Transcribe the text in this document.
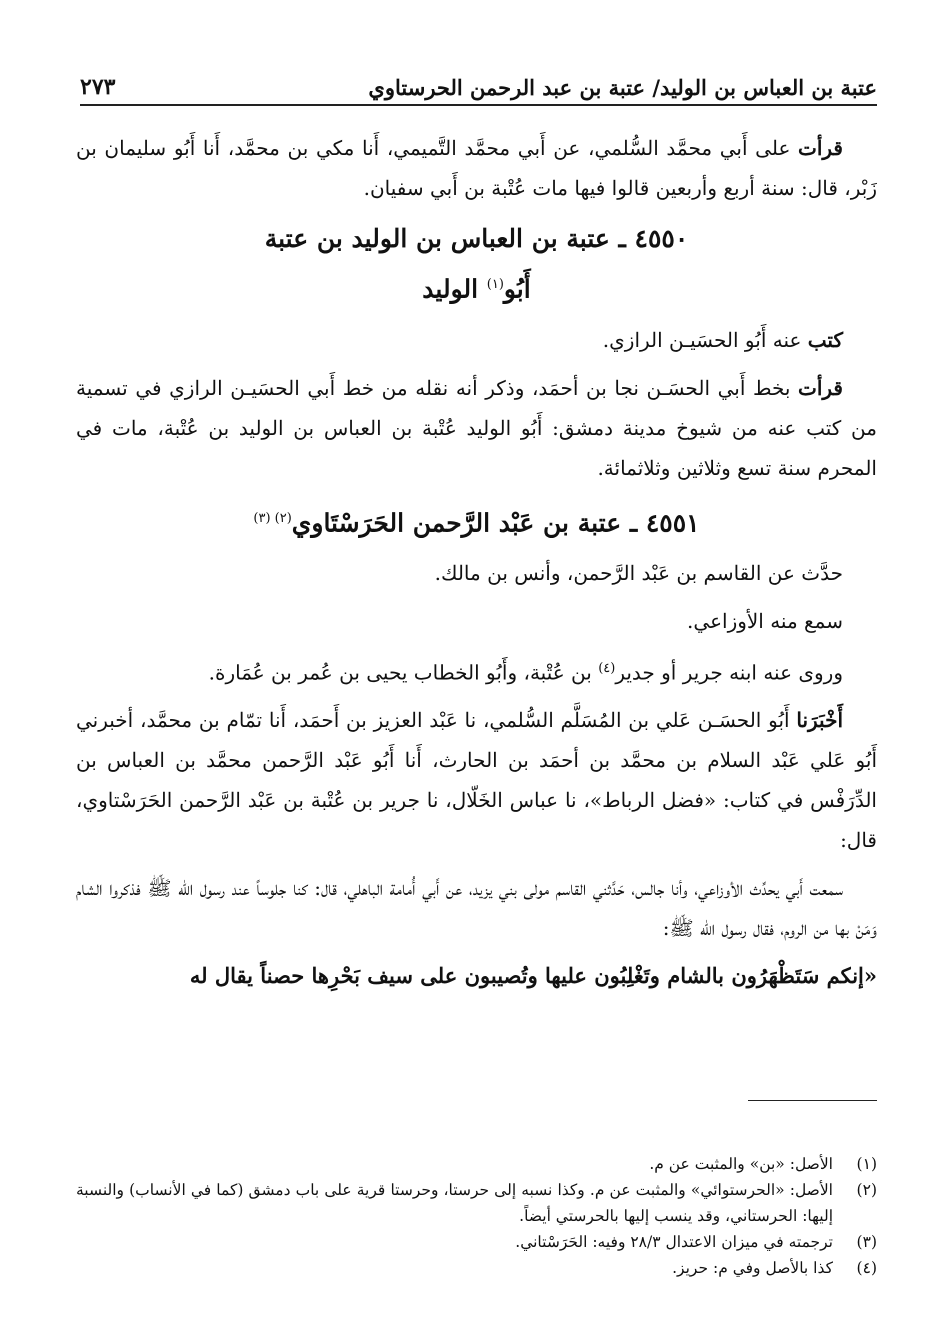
عتبة بن العباس بن الوليد/ عتبة بن عبد الرحمن الحرستاوي
٢٧٣

قرأت على أَبي محمَّد السُّلمي، عن أَبي محمَّد التَّميمي، أَنا مكي بن محمَّد، أَنا أَبُو سليمان بن زَبْر، قال: سنة أربع وأربعين قالوا فيها مات عُتْبة بن أَبي سفيان.

٤٥٥٠ ـ عتبة بن العباس بن الوليد بن عتبة
أَبُو$^{(١)}$ الوليد

كتب عنه أَبُو الحسَيـن الرازي.

قرأت بخط أَبي الحسَـن نجا بن أحمَد، وذكر أنه نقله من خط أَبي الحسَيـن الرازي في تسمية من كتب عنه من شيوخ مدينة دمشق: أَبُو الوليد عُتْبة بن العباس بن الوليد بن عُتْبة، مات في المحرم سنة تسع وثلاثين وثلاثمائة.

٤٥٥١ ـ عتبة بن عَبْد الرَّحمن الحَرَسْتَاوي$^{(٢) (٣)}$

حدَّث عن القاسم بن عَبْد الرَّحمن، وأنس بن مالك.

سمع منه الأوزاعي.

وروى عنه ابنه جرير أو جدير$^{(٤)}$ بن عُتْبة، وأَبُو الخطاب يحيى بن عُمر بن عُمَارة.

أَخْبَرَنا أَبُو الحسَـن عَلي بن المُسَلَّم السُّلمي، نا عَبْد العزيز بن أَحمَد، أَنا تمّام بن محمَّد، أخبرني أَبُو عَلي عَبْد السلام بن محمَّد بن أحمَد بن الحارث، أَنا أَبُو عَبْد الرَّحمن محمَّد بن العباس بن الدِّرَفْس في كتاب: «فضل الرباط»، نا عباس الخَلّال، نا جرير بن عُتْبة بن عَبْد الرَّحمن الحَرَسْتاوي، قال:

سمعت أَبي يحدِّث الأوزاعي، وأنا جالس، حَدَّثني القاسم مولى بني يزيد، عن أَبي أُمامة الباهلي، قال: كنا جلوساً عند رسول الله ﷺ فذكروا الشام وَمَنْ بها من الروم، فقال رسول الله ﷺ:

«إنكم سَتَظْهَرُون بالشام وتَغْلِبُون عليها وتُصيبون على سيف بَحْرِها حصناً يقال له

(١)
الأصل: «بن» والمثبت عن م.
(٢)
الأصل: «الحرستوائي» والمثبت عن م. وكذا نسبه إلى حرستا، وحرستا قرية على باب دمشق (كما في الأنساب) والنسبة إليها: الحرستاني، وقد ينسب إليها بالحرستي أيضاً.
(٣)
ترجمته في ميزان الاعتدال ٢٨/٣ وفيه: الحَرَسْتاني.
(٤)
كذا بالأصل وفي م: حريز.
